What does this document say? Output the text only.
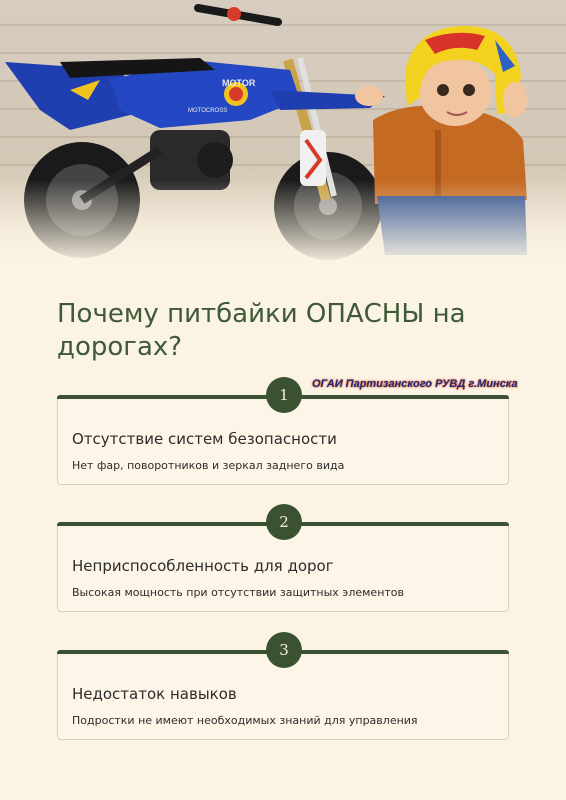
MOTOR
MOTOCROSS
Почему питбайки ОПАСНЫ на дорогах?
ОГАИ Партизанского РУВД г.Минска
1
Отсутствие систем безопасности
Нет фар, поворотников и зеркал заднего вида
2
Неприспособленность для дорог
Высокая мощность при отсутствии защитных элементов
3
Недостаток навыков
Подростки не имеют необходимых знаний для управления
